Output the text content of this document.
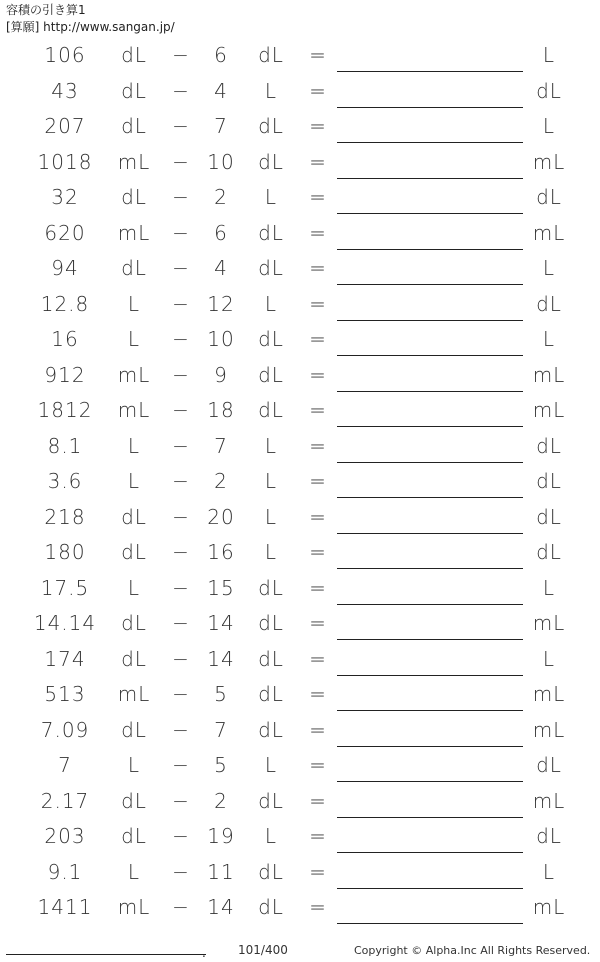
容積の引き算1
[算願] http://www.sangan.jp/
106	dL	−	6	dL	=	L
43	dL	−	4	L	=	dL
207	dL	−	7	dL	=	L
1018	mL	− 10	dL	=	mL
32	dL	−	2	L	=	dL
620	mL	−	6	dL	=	mL
94	dL	−	4	dL	=	L
12.8	L	− 12	L	=	dL
16	L	− 10	dL	=	L
912	mL	−	9	dL	=	mL
1812	mL	− 18	dL	=	mL
8.1	L	−	7	L	=	dL
3.6	L	−	2	L	=	dL
218	dL	− 20	L	=	dL
180	dL	− 16	L	=	dL
17.5	L	− 15	dL	=	L
14.14	dL	− 14	dL	=	mL
174	dL	− 14	dL	=	L
513	mL	−	5	dL	=	mL
7.09	dL	−	7	dL	=	mL
7	L	−	5	L	=	dL
2.17	dL	−	2	dL	=	mL
203	dL	− 19	L	=	dL
9.1	L	− 11	dL	=	L
1411	mL	− 14	dL	=	mL
.	101/400	Copyright © Alpha.Inc All Rights Reserved.
